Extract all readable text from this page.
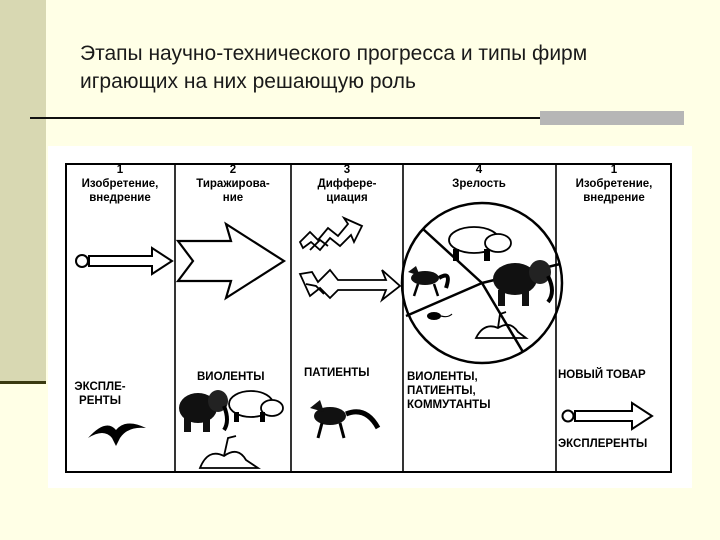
Этапы научно-технического прогресса и типы фирм
играющих на них решающую роль
1
Изобретение,
внедрение
2
Тиражирова-
ние
3
Диффере-
циация
4
Зрелость
1
Изобретение,
внедрение
ЭКСПЛЕ-
РЕНТЫ
ВИОЛЕНТЫ	ПАТИЕНТЫ	ВИОЛЕНТЫ,
ПАТИЕНТЫ,
КОММУТАНТЫ
НОВЫЙ ТОВАР
ЭКСПЛЕРЕНТЫ
